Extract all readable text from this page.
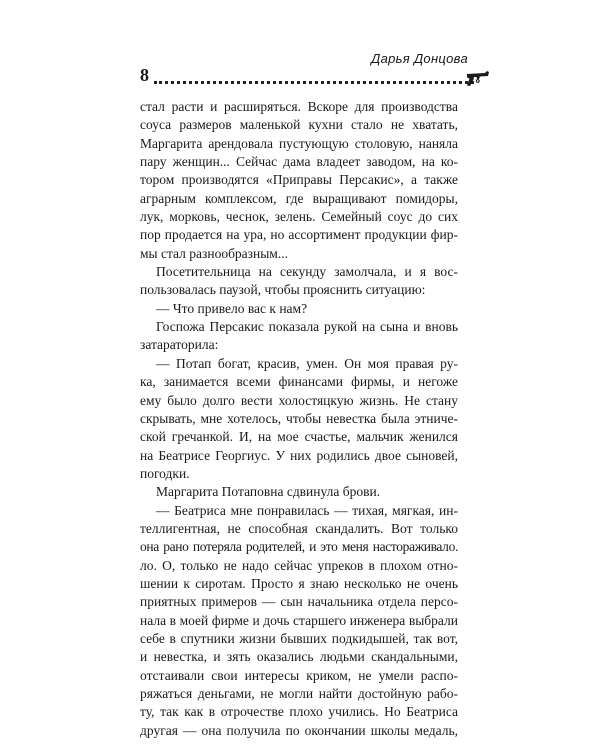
8
Дарья Донцова
стал расти и расширяться. Вскоре для производства
соуса размеров маленькой кухни стало не хватать,
Маргарита арендовала пустующую столовую, наняла
пару женщин... Сейчас дама владеет заводом, на ко-
тором производятся «Приправы Персакис», а также
аграрным комплексом, где выращивают помидоры,
лук, морковь, чеснок, зелень. Семейный соус до сих
пор продается на ура, но ассортимент продукции фир-
мы стал разнообразным...
Посетительница на секунду замолчала, и я вос-
пользовалась паузой, чтобы прояснить ситуацию:
— Что привело вас к нам?
Госпожа Персакис показала рукой на сына и вновь
затараторила:
— Потап богат, красив, умен. Он моя правая ру-
ка, занимается всеми финансами фирмы, и негоже
ему было долго вести холостяцкую жизнь. Не стану
скрывать, мне хотелось, чтобы невестка была этниче-
ской гречанкой. И, на мое счастье, мальчик женился
на Беатрисе Георгиус. У них родились двое сыновей,
погодки.
Маргарита Потаповна сдвинула брови.
— Беатриса мне понравилась — тихая, мягкая, ин-
теллигентная, не способная скандалить. Вот только
она рано потеряла родителей, и это меня настораживало.
ло. О, только не надо сейчас упреков в плохом отно-
шении к сиротам. Просто я знаю несколько не очень
приятных примеров — сын начальника отдела персо-
нала в моей фирме и дочь старшего инженера выбрали
себе в спутники жизни бывших подкидышей, так вот,
и невестка, и зять оказались людьми скандальными,
отстаивали свои интересы криком, не умели распо-
ряжаться деньгами, не могли найти достойную рабо-
ту, так как в отрочестве плохо учились. Но Беатриса
другая — она получила по окончании школы медаль,
